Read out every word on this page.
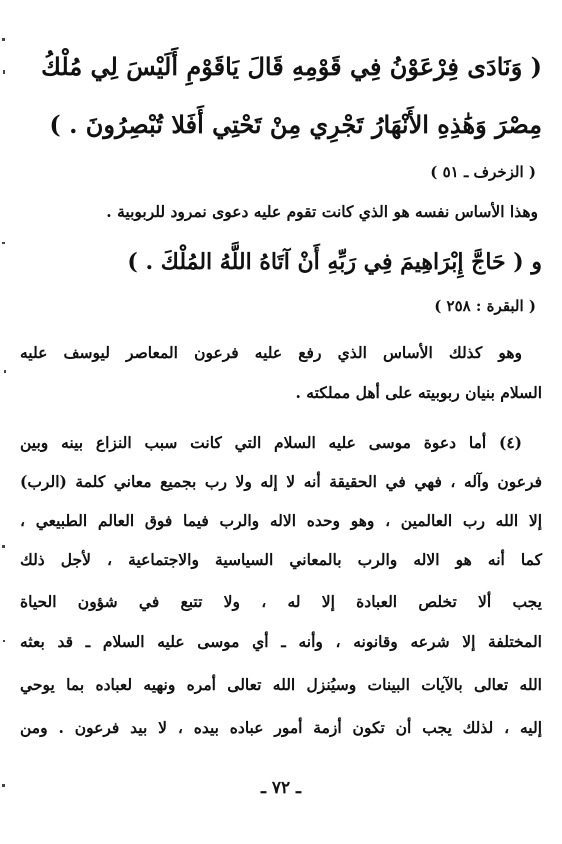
( وَنَادَى فِرْعَوْنُ فِي قَوْمِهِ قَالَ يَاقَوْمِ أَلَيْسَ لِي مُلْكُ
مِصْرَ وَهَٰذِهِ الأَنْهَارُ تَجْرِي مِنْ تَحْتِي أَفَلا تُبْصِرُونَ . )
( الزخرف ـ ٥١ )
وهذا الأساس نفسه هو الذي كانت تقوم عليه دعوى نمرود للربوبية .
و ( حَاجَّ إِبْرَاهِيمَ فِي رَبِّهِ أَنْ آتَاهُ اللَّهُ المُلْكَ . )
( البقرة : ٢٥٨ )
وهو كذلك الأساس الذي رفع عليه فرعون المعاصر ليوسف عليه
السلام بنيان ربوبيته على أهل مملكته .
(٤) أما دعوة موسى عليه السلام التي كانت سبب النزاع بينه وبين
فرعون وآله ، فهي في الحقيقة أنه لا إله ولا رب بجميع معاني كلمة (الرب)
إلا الله رب العالمين ، وهو وحده الاله والرب فيما فوق العالم الطبيعي ،
كما أنه هو الاله والرب بالمعاني السياسية والاجتماعية ، لأجل ذلك
يجب ألا تخلص العبادة إلا له ، ولا تتبع في شؤون الحياة
المختلفة إلا شرعه وقانونه ، وأنه ـ أي موسى عليه السلام ـ قد بعثه
الله تعالى بالآيات البينات وسيُنزل الله تعالى أمره ونهيه لعباده بما يوحي
إليه ، لذلك يجب أن تكون أزمة أمور عباده بيده ، لا بيد فرعون . ومن
ـ ٧٢ ـ
